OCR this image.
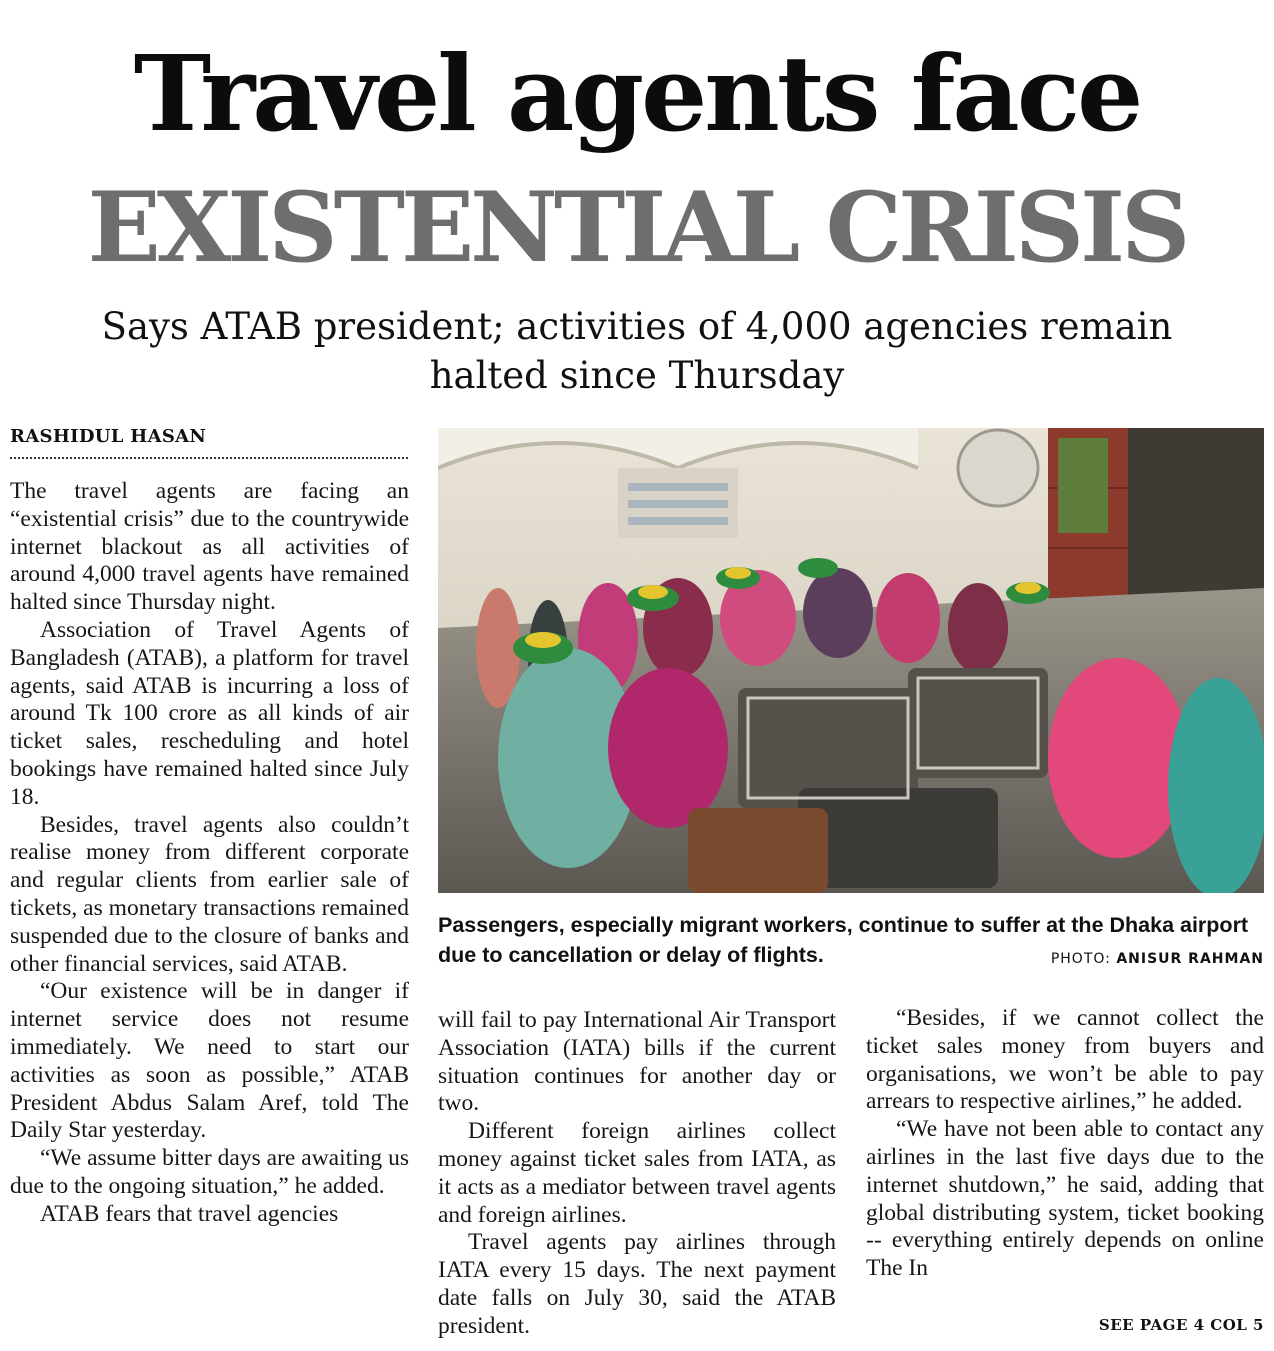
Travel agents face
EXISTENTIAL CRISIS
Says ATAB president; activities of 4,000 agencies remain halted since Thursday
RASHIDUL HASAN

The travel agents are facing an “existential crisis” due to the countrywide internet blackout as all activities of around 4,000 travel agents have remained halted since Thursday night.

Association of Travel Agents of Bangladesh (ATAB), a platform for travel agents, said ATAB is incurring a loss of around Tk 100 crore as all kinds of air ticket sales, rescheduling and hotel bookings have remained halted since July 18.

Besides, travel agents also couldn’t realise money from different corporate and regular clients from earlier sale of tickets, as monetary transactions remained suspended due to the closure of banks and other financial services, said ATAB.

“Our existence will be in danger if internet service does not resume immediately. We need to start our activities as soon as possible,” ATAB President Abdus Salam Aref, told The Daily Star yesterday.

“We assume bitter days are awaiting us due to the ongoing situation,” he added.

ATAB fears that travel agencies

Passengers, especially migrant workers, continue to suffer at the Dhaka airport due to cancellation or delay of flights.	PHOTO: ANISUR RAHMAN

will fail to pay International Air Transport Association (IATA) bills if the current situation continues for another day or two.

Different foreign airlines collect money against ticket sales from IATA, as it acts as a mediator between travel agents and foreign airlines.

Travel agents pay airlines through IATA every 15 days. The next payment date falls on July 30, said the ATAB president.

“Besides, if we cannot collect the ticket sales money from buyers and organisations, we won’t be able to pay arrears to respective airlines,” he added.

“We have not been able to contact any airlines in the last five days due to the internet shutdown,” he said, adding that global distributing system, ticket booking -- everything entirely depends on online The In

SEE PAGE 4 COL 5
